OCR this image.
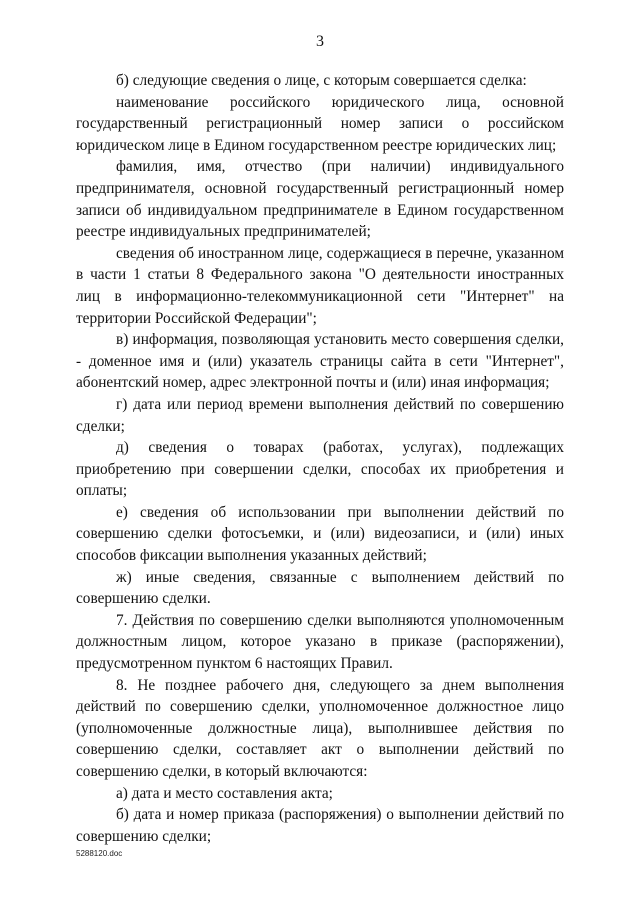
3

б) следующие сведения о лице, с которым совершается сделка:

наименование российского юридического лица, основной государственный регистрационный номер записи о российском юридическом лице в Едином государственном реестре юридических лиц;

фамилия, имя, отчество (при наличии) индивидуального предпринимателя, основной государственный регистрационный номер записи об индивидуальном предпринимателе в Едином государственном реестре индивидуальных предпринимателей;

сведения об иностранном лице, содержащиеся в перечне, указанном в части 1 статьи 8 Федерального закона "О деятельности иностранных лиц в информационно-телекоммуникационной сети "Интернет" на территории Российской Федерации";

в) информация, позволяющая установить место совершения сделки, - доменное имя и (или) указатель страницы сайта в сети "Интернет", абонентский номер, адрес электронной почты и (или) иная информация;

г) дата или период времени выполнения действий по совершению сделки;

д) сведения о товарах (работах, услугах), подлежащих приобретению при совершении сделки, способах их приобретения и оплаты;

е) сведения об использовании при выполнении действий по совершению сделки фотосъемки, и (или) видеозаписи, и (или) иных способов фиксации выполнения указанных действий;

ж) иные сведения, связанные с выполнением действий по совершению сделки.

7. Действия по совершению сделки выполняются уполномоченным должностным лицом, которое указано в приказе (распоряжении), предусмотренном пунктом 6 настоящих Правил.

8. Не позднее рабочего дня, следующего за днем выполнения действий по совершению сделки, уполномоченное должностное лицо (уполномоченные должностные лица), выполнившее действия по совершению сделки, составляет акт о выполнении действий по совершению сделки, в который включаются:

а) дата и место составления акта;

б) дата и номер приказа (распоряжения) о выполнении действий по совершению сделки;

5288120.doc
